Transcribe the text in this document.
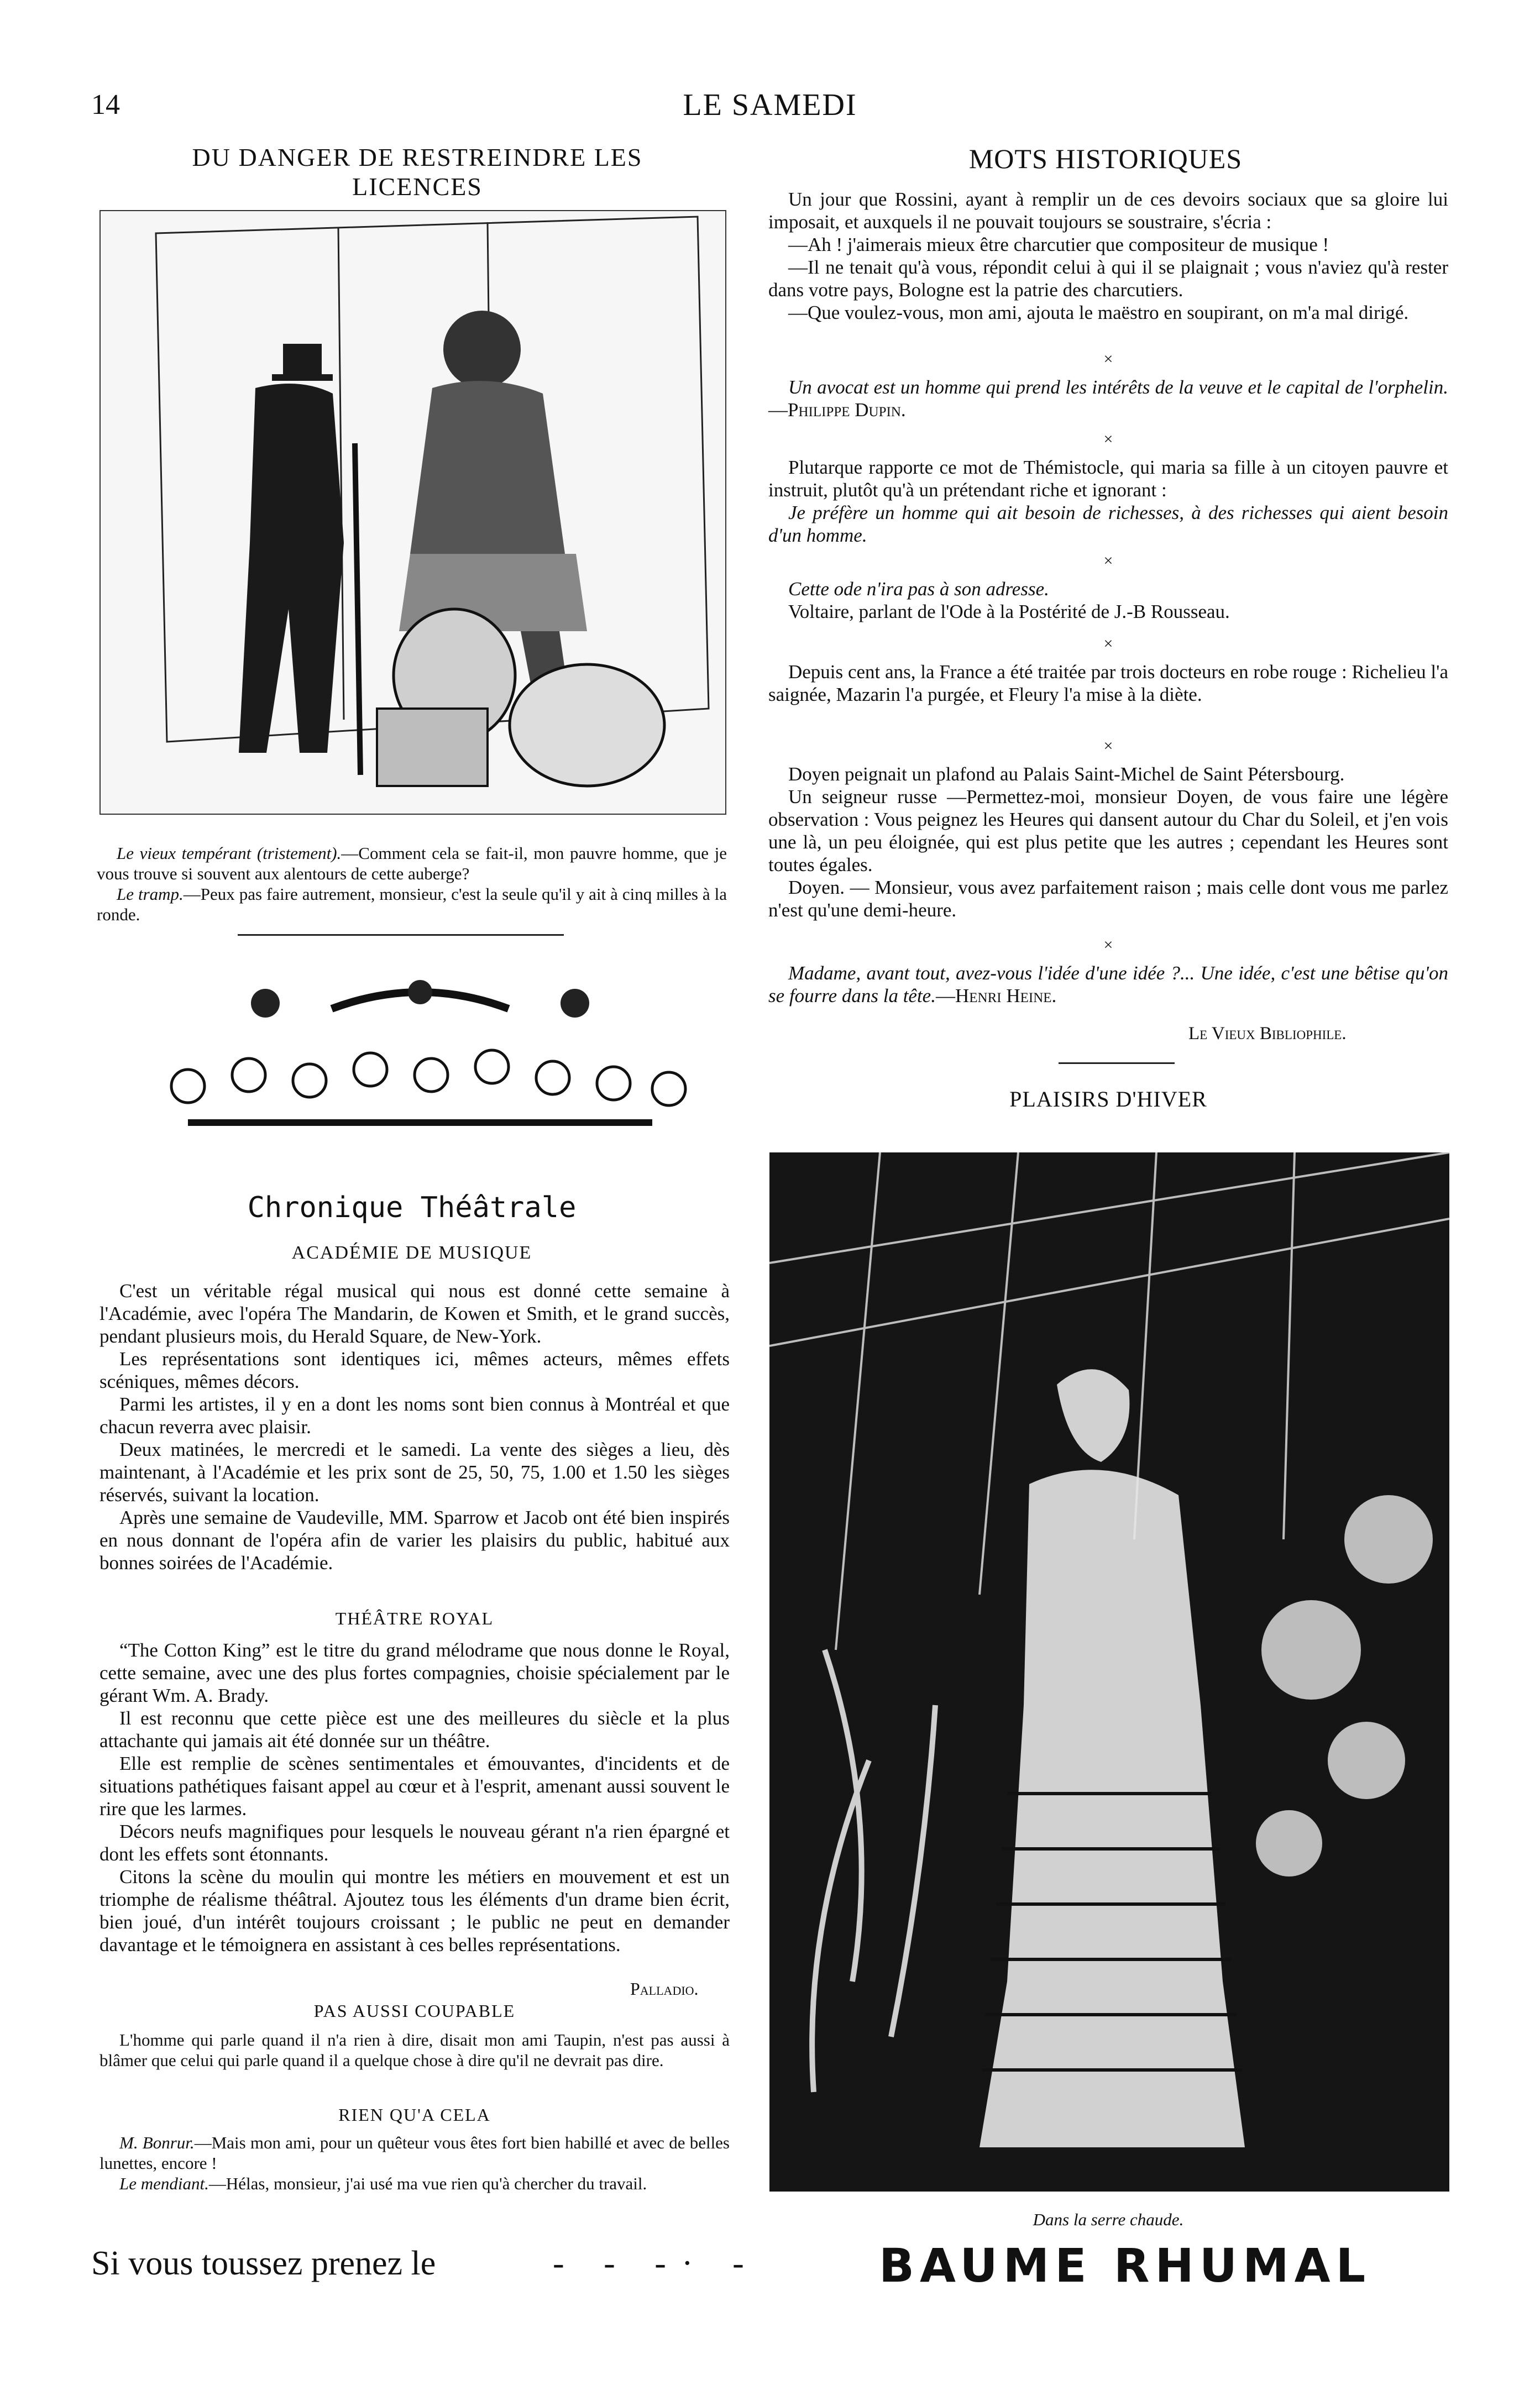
14	LE SAMEDI
DU DANGER DE RESTREINDRE LES LICENCES

Le vieux tempérant (tristement).—Comment cela se fait-il, mon pauvre homme, que je vous trouve si souvent aux alentours de cette auberge?

Le tramp.—Peux pas faire autrement, monsieur, c'est la seule qu'il y ait à cinq milles à la ronde.

Chronique Théâtrale
ACADÉMIE DE MUSIQUE

C'est un véritable régal musical qui nous est donné cette semaine à l'Académie, avec l'opéra The Mandarin, de Kowen et Smith, et le grand succès, pendant plusieurs mois, du Herald Square, de New-York.

Les représentations sont identiques ici, mêmes acteurs, mêmes effets scéniques, mêmes décors.

Parmi les artistes, il y en a dont les noms sont bien connus à Montréal et que chacun reverra avec plaisir.

Deux matinées, le mercredi et le samedi. La vente des sièges a lieu, dès maintenant, à l'Académie et les prix sont de 25, 50, 75, 1.00 et 1.50 les sièges réservés, suivant la location.

Après une semaine de Vaudeville, MM. Sparrow et Jacob ont été bien inspirés en nous donnant de l'opéra afin de varier les plaisirs du public, habitué aux bonnes soirées de l'Académie.

THÉÂTRE ROYAL

“The Cotton King” est le titre du grand mélodrame que nous donne le Royal, cette semaine, avec une des plus fortes compagnies, choisie spécialement par le gérant Wm. A. Brady.

Il est reconnu que cette pièce est une des meilleures du siècle et la plus attachante qui jamais ait été donnée sur un théâtre.

Elle est remplie de scènes sentimentales et émouvantes, d'incidents et de situations pathétiques faisant appel au cœur et à l'esprit, amenant aussi souvent le rire que les larmes.

Décors neufs magnifiques pour lesquels le nouveau gérant n'a rien épargné et dont les effets sont étonnants.

Citons la scène du moulin qui montre les métiers en mouvement et est un triomphe de réalisme théâtral. Ajoutez tous les éléments d'un drame bien écrit, bien joué, d'un intérêt toujours croissant ; le public ne peut en demander davantage et le témoignera en assistant à ces belles représentations.

Palladio.
PAS AUSSI COUPABLE

L'homme qui parle quand il n'a rien à dire, disait mon ami Taupin, n'est pas aussi à blâmer que celui qui parle quand il a quelque chose à dire qu'il ne devrait pas dire.

RIEN QU'A CELA

M. Bonrur.—Mais mon ami, pour un quêteur vous êtes fort bien habillé et avec de belles lunettes, encore !

Le mendiant.—Hélas, monsieur, j'ai usé ma vue rien qu'à chercher du travail.

MOTS HISTORIQUES

Un jour que Rossini, ayant à remplir un de ces devoirs sociaux que sa gloire lui imposait, et auxquels il ne pouvait toujours se soustraire, s'écria :

—Ah ! j'aimerais mieux être charcutier que compositeur de musique !

—Il ne tenait qu'à vous, répondit celui à qui il se plaignait ; vous n'aviez qu'à rester dans votre pays, Bologne est la patrie des charcutiers.

—Que voulez-vous, mon ami, ajouta le maëstro en soupirant, on m'a mal dirigé.

×

Un avocat est un homme qui prend les intérêts de la veuve et le capital de l'orphelin.—Philippe Dupin.

×

Plutarque rapporte ce mot de Thémistocle, qui maria sa fille à un citoyen pauvre et instruit, plutôt qu'à un prétendant riche et ignorant :

Je préfère un homme qui ait besoin de richesses, à des richesses qui aient besoin d'un homme.

×

Cette ode n'ira pas à son adresse.

Voltaire, parlant de l'Ode à la Postérité de J.-B Rousseau.

×

Depuis cent ans, la France a été traitée par trois docteurs en robe rouge : Richelieu l'a saignée, Mazarin l'a purgée, et Fleury l'a mise à la diète.

×

Doyen peignait un plafond au Palais Saint-Michel de Saint Pétersbourg.

Un seigneur russe —Permettez-moi, monsieur Doyen, de vous faire une légère observation : Vous peignez les Heures qui dansent autour du Char du Soleil, et j'en vois une là, un peu éloignée, qui est plus petite que les autres ; cependant les Heures sont toutes égales.

Doyen. — Monsieur, vous avez parfaitement raison ; mais celle dont vous me parlez n'est qu'une demi-heure.

×

Madame, avant tout, avez-vous l'idée d'une idée ?... Une idée, c'est une bêtise qu'on se fourre dans la tête.—Henri Heine.

Le Vieux Bibliophile.
PLAISIRS D'HIVER
Dans la serre chaude.
Si vous toussez prenez le	- - -· -	BAUME RHUMAL
